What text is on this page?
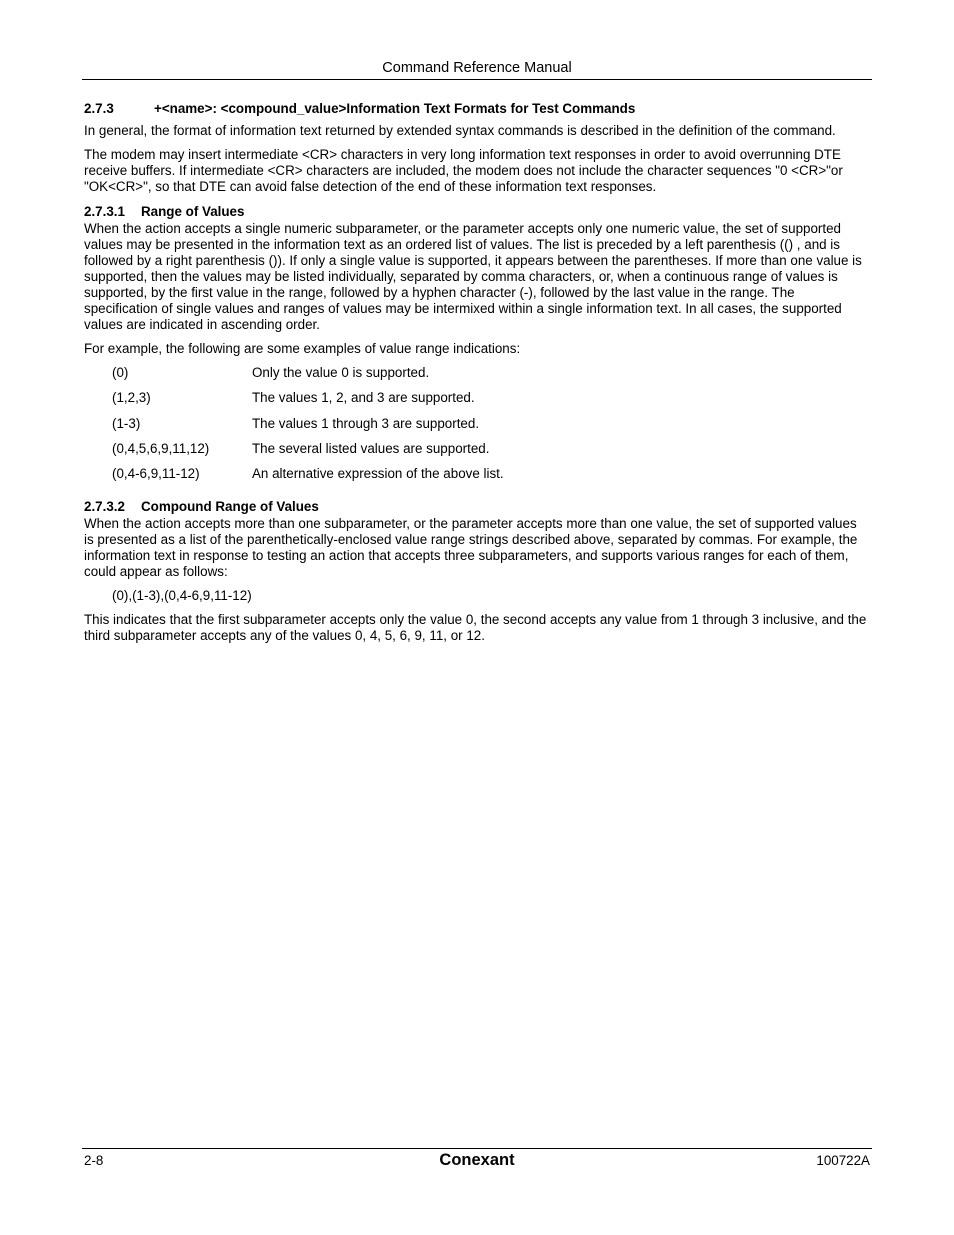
Command Reference Manual
2.7.3	+<name>: <compound_value>Information Text Formats for Test Commands

In general, the format of information text returned by extended syntax commands is described in the definition of the command.

The modem may insert intermediate <CR> characters in very long information text responses in order to avoid overrunning DTE receive buffers. If intermediate <CR> characters are included, the modem does not include the character sequences "0 <CR>"or "OK<CR>", so that DTE can avoid false detection of the end of these information text responses.

2.7.3.1 Range of Values

When the action accepts a single numeric subparameter, or the parameter accepts only one numeric value, the set of supported values may be presented in the information text as an ordered list of values. The list is preceded by a left parenthesis (() , and is followed by a right parenthesis ()). If only a single value is supported, it appears between the parentheses. If more than one value is supported, then the values may be listed individually, separated by comma characters, or, when a continuous range of values is supported, by the first value in the range, followed by a hyphen character (-), followed by the last value in the range. The specification of single values and ranges of values may be intermixed within a single information text. In all cases, the supported values are indicated in ascending order.

For example, the following are some examples of value range indications:

(0)	Only the value 0 is supported.
(1,2,3)	The values 1, 2, and 3 are supported.
(1-3)	The values 1 through 3 are supported.
(0,4,5,6,9,11,12)	The several listed values are supported.
(0,4-6,9,11-12)	An alternative expression of the above list.
2.7.3.2 Compound Range of Values

When the action accepts more than one subparameter, or the parameter accepts more than one value, the set of supported values is presented as a list of the parenthetically-enclosed value range strings described above, separated by commas. For example, the information text in response to testing an action that accepts three subparameters, and supports various ranges for each of them, could appear as follows:

(0),(1-3),(0,4-6,9,11-12)

This indicates that the first subparameter accepts only the value 0, the second accepts any value from 1 through 3 inclusive, and the third subparameter accepts any of the values 0, 4, 5, 6, 9, 11, or 12.

2-8	Conexant	100722A
